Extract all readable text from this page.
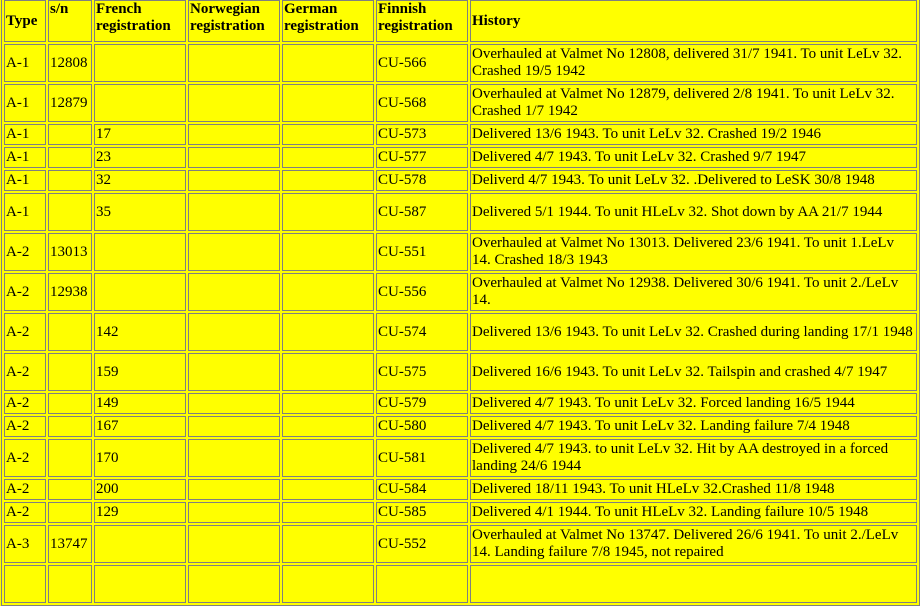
Type	s/n	French registration	Norwegian registration	German registration	Finnish registration	History
A-1	12808				CU-566	Overhauled at Valmet No 12808, delivered 31/7 1941. To unit LeLv 32. Crashed 19/5 1942
A-1	12879				CU-568	Overhauled at Valmet No 12879, delivered 2/8 1941. To unit LeLv 32. Crashed 1/7 1942
A-1		17			CU-573	Delivered 13/6 1943. To unit LeLv 32. Crashed 19/2 1946
A-1		23			CU-577	Delivered 4/7 1943. To unit LeLv 32. Crashed 9/7 1947
A-1		32			CU-578	Deliverd 4/7 1943. To unit LeLv 32. .Delivered to LeSK 30/8 1948
A-1		35			CU-587	Delivered 5/1 1944. To unit HLeLv 32. Shot down by AA 21/7 1944
A-2	13013				CU-551	Overhauled at Valmet No 13013. Delivered 23/6 1941. To unit 1.LeLv 14. Crashed 18/3 1943
A-2	12938				CU-556	Overhauled at Valmet No 12938. Delivered 30/6 1941. To unit 2./LeLv 14.
A-2		142			CU-574	Delivered 13/6 1943. To unit LeLv 32. Crashed during landing 17/1 1948
A-2		159			CU-575	Delivered 16/6 1943. To unit LeLv 32. Tailspin and crashed 4/7 1947
A-2		149			CU-579	Delivered 4/7 1943. To unit LeLv 32. Forced landing 16/5 1944
A-2		167			CU-580	Delivered 4/7 1943. To unit LeLv 32. Landing failure 7/4 1948
A-2		170			CU-581	Delivered 4/7 1943. to unit LeLv 32. Hit by AA destroyed in a forced landing 24/6 1944
A-2		200			CU-584	Delivered 18/11 1943. To unit HLeLv 32.Crashed 11/8 1948
A-2		129			CU-585	Delivered 4/1 1944. To unit HLeLv 32. Landing failure 10/5 1948
A-3	13747				CU-552	Overhauled at Valmet No 13747. Delivered 26/6 1941. To unit 2./LeLv 14. Landing failure 7/8 1945, not repaired
